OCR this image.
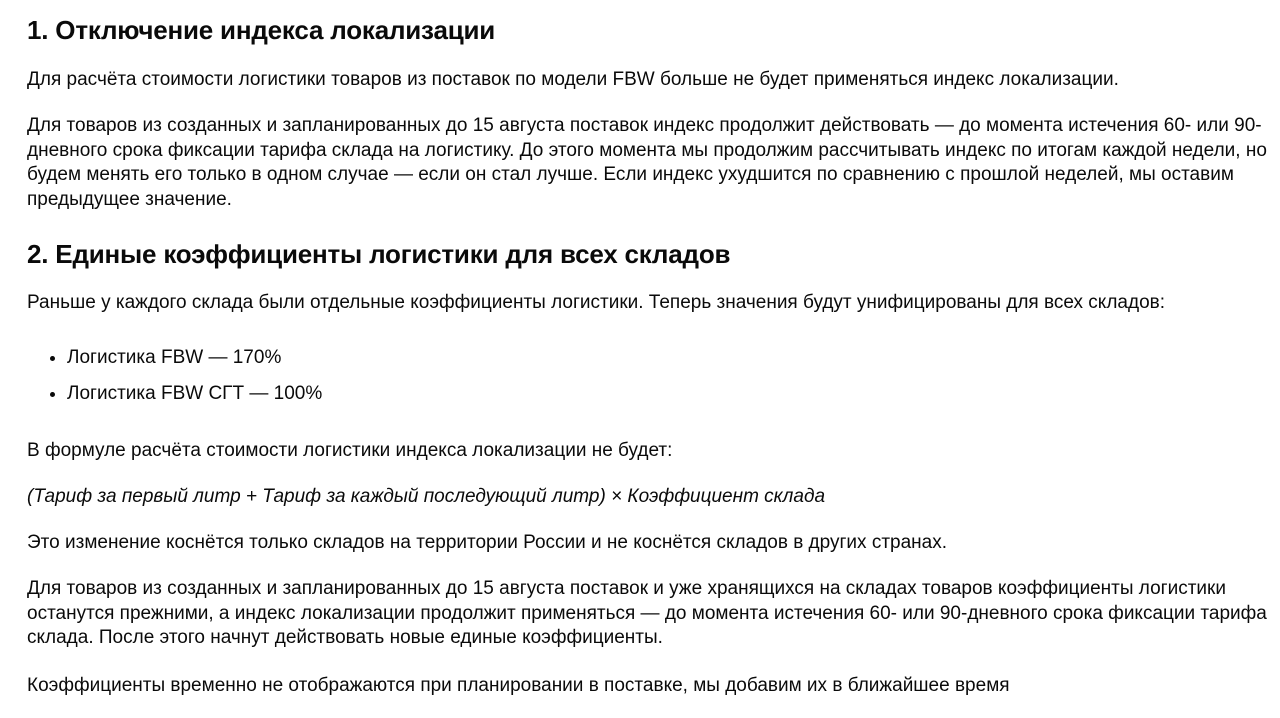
1. Отключение индекса локализации

Для расчёта стоимости логистики товаров из поставок по модели FBW больше не будет применяться индекс локализации.

Для товаров из созданных и запланированных до 15 августа поставок индекс продолжит действовать — до момента истечения 60- или 90-дневного срока фиксации тарифа склада на логистику. До этого момента мы продолжим рассчитывать индекс по итогам каждой недели, но будем менять его только в одном случае — если он стал лучше. Если индекс ухудшится по сравнению с прошлой неделей, мы оставим предыдущее значение.

2. Единые коэффициенты логистики для всех складов

Раньше у каждого склада были отдельные коэффициенты логистики. Теперь значения будут унифицированы для всех складов:

• Логистика FBW — 170%
• Логистика FBW СГТ — 100%

В формуле расчёта стоимости логистики индекса локализации не будет:

(Тариф за первый литр + Тариф за каждый последующий литр) × Коэффициент склада

Это изменение коснётся только складов на территории России и не коснётся складов в других странах.

Для товаров из созданных и запланированных до 15 августа поставок и уже хранящихся на складах товаров коэффициенты логистики останутся прежними, а индекс локализации продолжит применяться — до момента истечения 60- или 90-дневного срока фиксации тарифа склада. После этого начнут действовать новые единые коэффициенты.

Коэффициенты временно не отображаются при планировании в поставке, мы добавим их в ближайшее время
